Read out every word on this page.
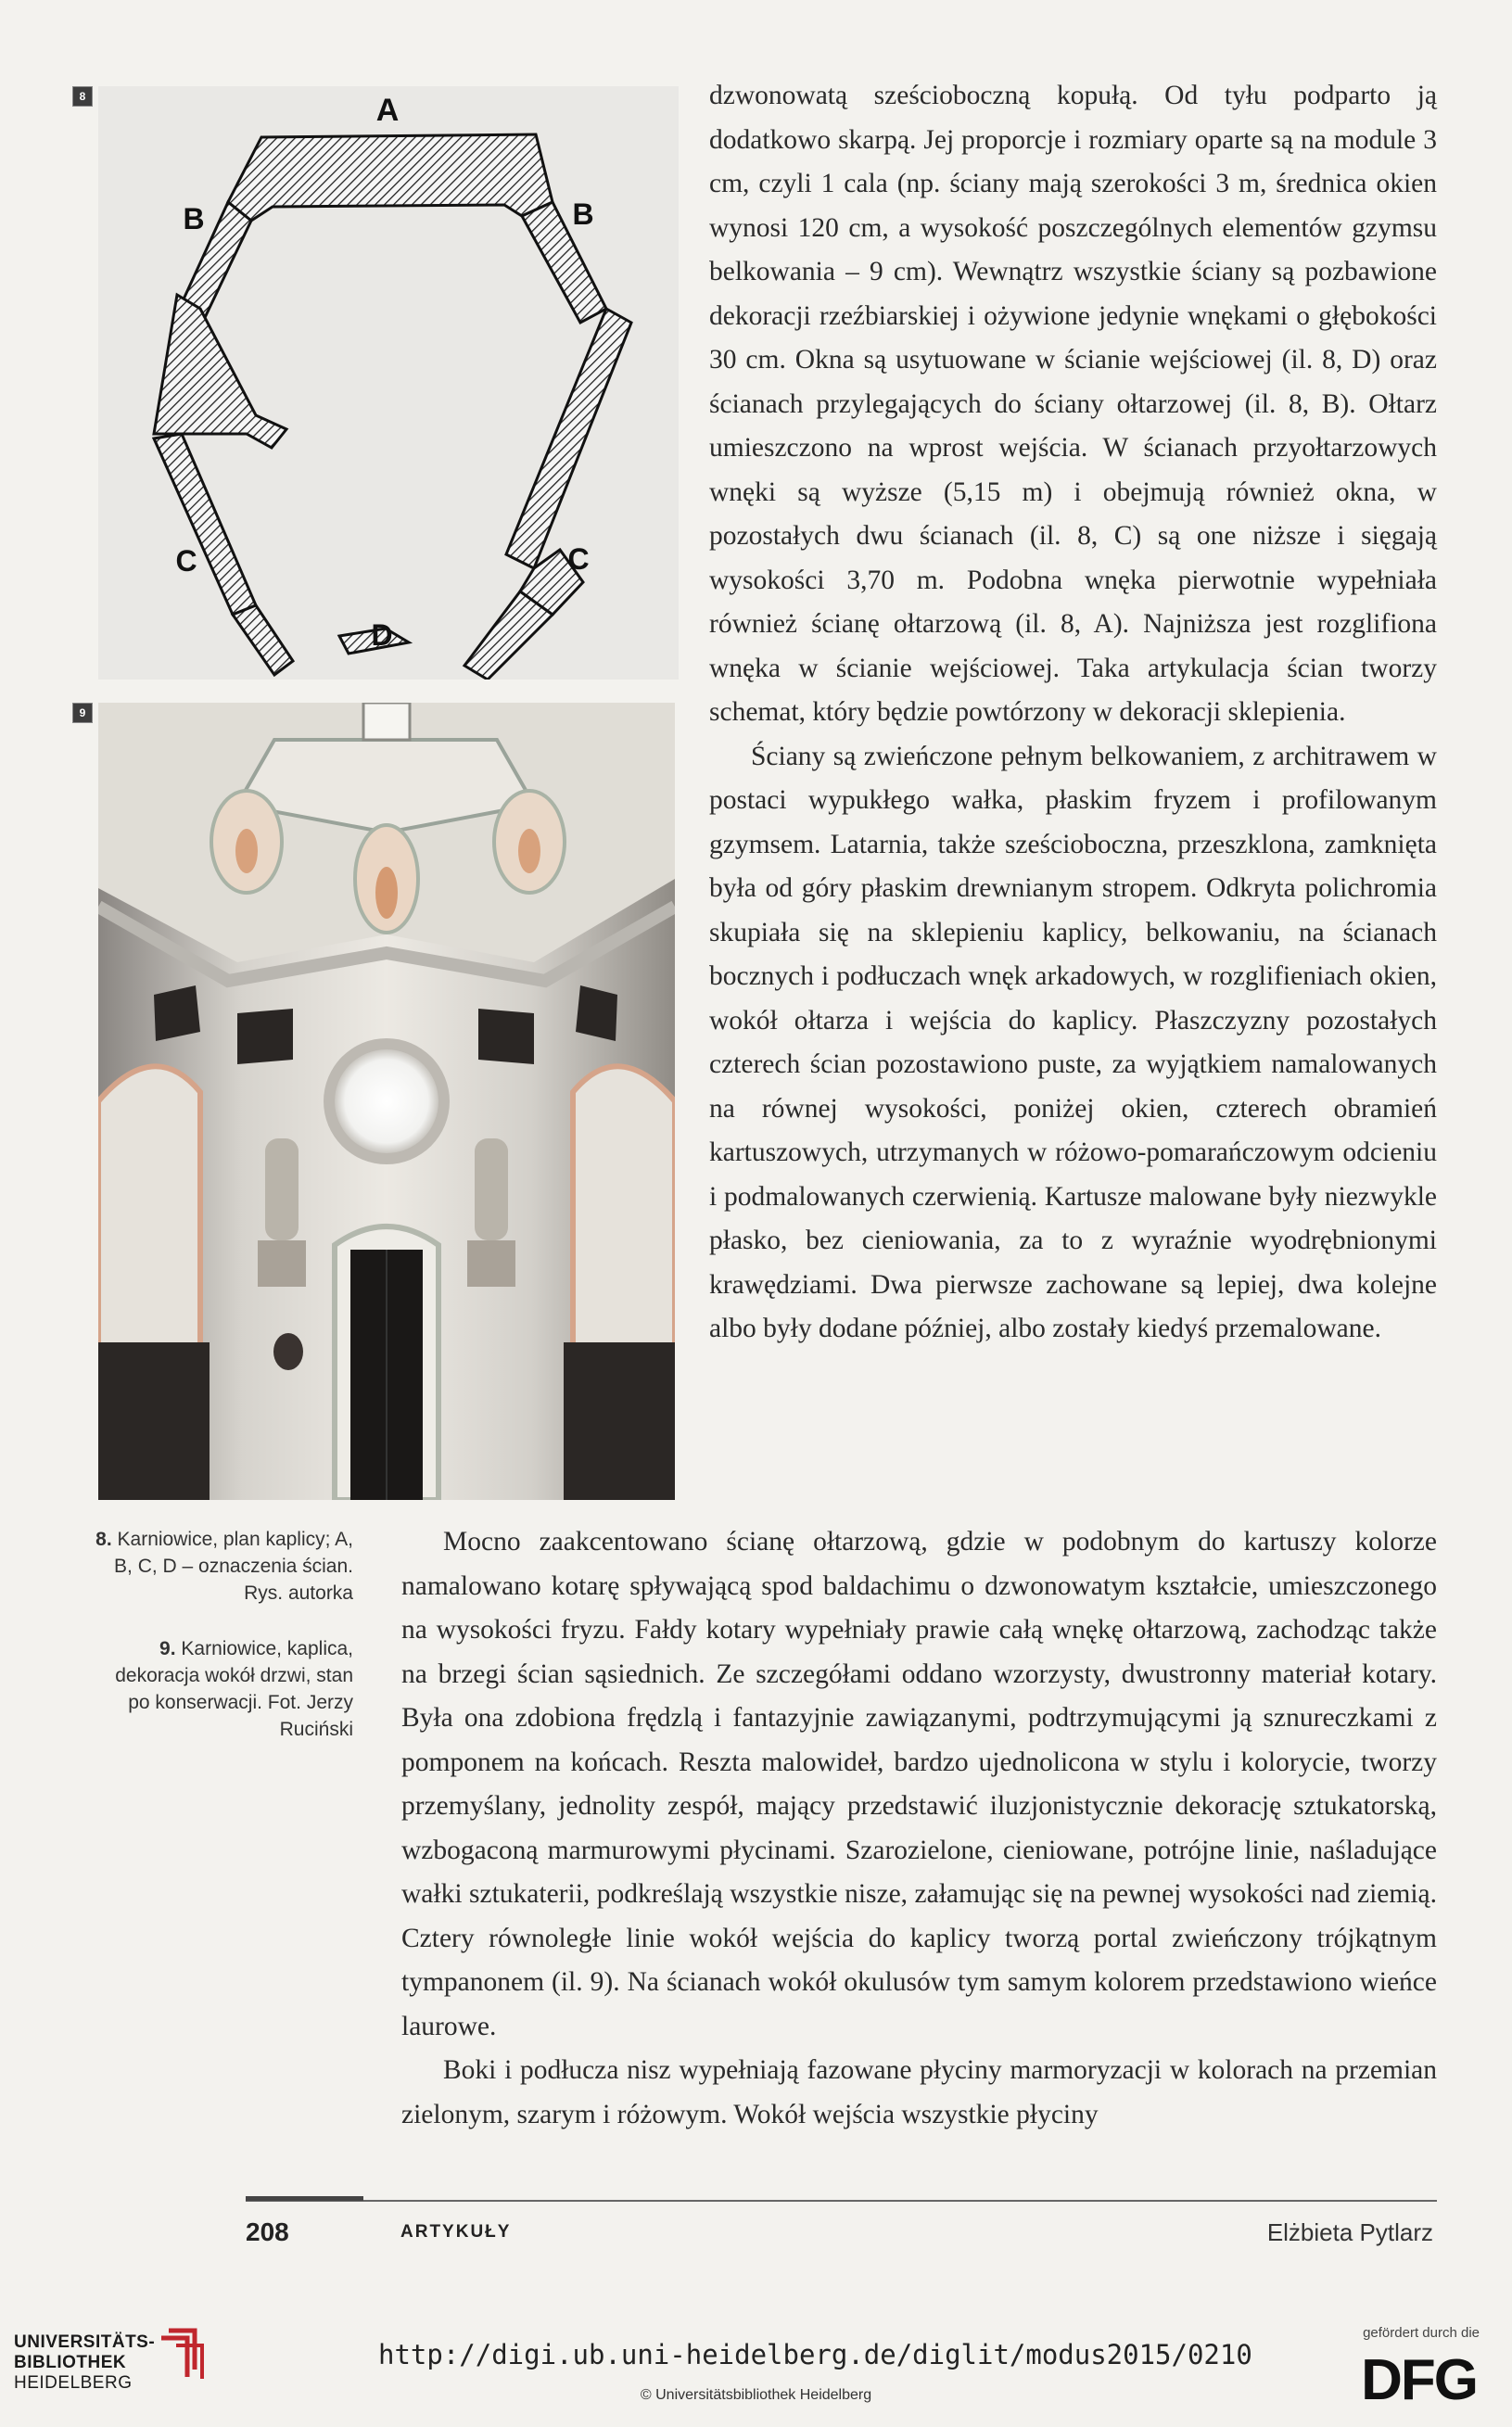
8	A
B	B
C	C
D
9

8. Karniowice, plan kaplicy; A, B, C, D – oznaczenia ścian. Rys. autorka

9. Karniowice, kaplica, dekoracja wokół drzwi, stan po konserwacji. Fot. Jerzy Ruciński

dzwonowatą sześcioboczną kopułą. Od tyłu podparto ją dodatkowo skarpą. Jej proporcje i rozmiary oparte są na module 3 cm, czyli 1 cala (np. ściany mają szerokości 3 m, średnica okien wynosi 120 cm, a wysokość poszczególnych elementów gzymsu belkowania – 9 cm). Wewnątrz wszystkie ściany są pozbawione dekoracji rzeźbiarskiej i ożywione jedynie wnękami o głębokości 30 cm. Okna są usytuowane w ścianie wejściowej (il. 8, D) oraz ścianach przylegających do ściany ołtarzowej (il. 8, B). Ołtarz umieszczono na wprost wejścia. W ścianach przyołtarzowych wnęki są wyższe (5,15 m) i obejmują również okna, w pozostałych dwu ścianach (il. 8, C) są one niższe i sięgają wysokości 3,70 m. Podobna wnęka pierwotnie wypełniała również ścianę ołtarzową (il. 8, A). Najniższa jest rozglifiona wnęka w ścianie wejściowej. Taka artykulacja ścian tworzy schemat, który będzie powtórzony w dekoracji sklepienia.

Ściany są zwieńczone pełnym belkowaniem, z architrawem w postaci wypukłego wałka, płaskim fryzem i profilowanym gzymsem. Latarnia, także sześcioboczna, przeszklona, zamknięta była od góry płaskim drewnianym stropem. Odkryta polichromia skupiała się na sklepieniu kaplicy, belkowaniu, na ścianach bocznych i podłuczach wnęk arkadowych, w rozglifieniach okien, wokół ołtarza i wejścia do kaplicy. Płaszczyzny pozostałych czterech ścian pozostawiono puste, za wyjątkiem namalowanych na równej wysokości, poniżej okien, czterech obramień kartuszowych, utrzymanych w różowo-pomarańczowym odcieniu i podmalowanych czerwienią. Kartusze malowane były niezwykle płasko, bez cieniowania, za to z wyraźnie wyodrębnionymi krawędziami. Dwa pierwsze zachowane są lepiej, dwa kolejne albo były dodane później, albo zostały kiedyś przemalowane.

Mocno zaakcentowano ścianę ołtarzową, gdzie w podobnym do kartuszy kolorze namalowano kotarę spływającą spod baldachimu o dzwonowatym kształcie, umieszczonego na wysokości fryzu. Fałdy kotary wypełniały prawie całą wnękę ołtarzową, zachodząc także na brzegi ścian sąsiednich. Ze szczegółami oddano wzorzysty, dwustronny materiał kotary. Była ona zdobiona frędzlą i fantazyjnie zawiązanymi, podtrzymującymi ją sznureczkami z pomponem na końcach. Reszta malowideł, bardzo ujednolicona w stylu i kolorycie, tworzy przemyślany, jednolity zespół, mający przedstawić iluzjonistycznie dekorację sztukatorską, wzbogaconą marmurowymi płycinami. Szarozielone, cieniowane, potrójne linie, naśladujące wałki sztukaterii, podkreślają wszystkie nisze, załamując się na pewnej wysokości nad ziemią. Cztery równoległe linie wokół wejścia do kaplicy tworzą portal zwieńczony trójkątnym tympanonem (il. 9). Na ścianach wokół okulusów tym samym kolorem przedstawiono wieńce laurowe.

Boki i podłucza nisz wypełniają fazowane płyciny marmoryzacji w kolorach na przemian zielonym, szarym i różowym. Wokół wejścia wszystkie płyciny

208	ARTYKUŁY	Elżbieta Pytlarz
UNIVERSITÄTS-
BIBLIOTHEK
HEIDELBERG
http://digi.ub.uni-heidelberg.de/diglit/modus2015/0210
© Universitätsbibliothek Heidelberg
gefördert durch die
DFG
